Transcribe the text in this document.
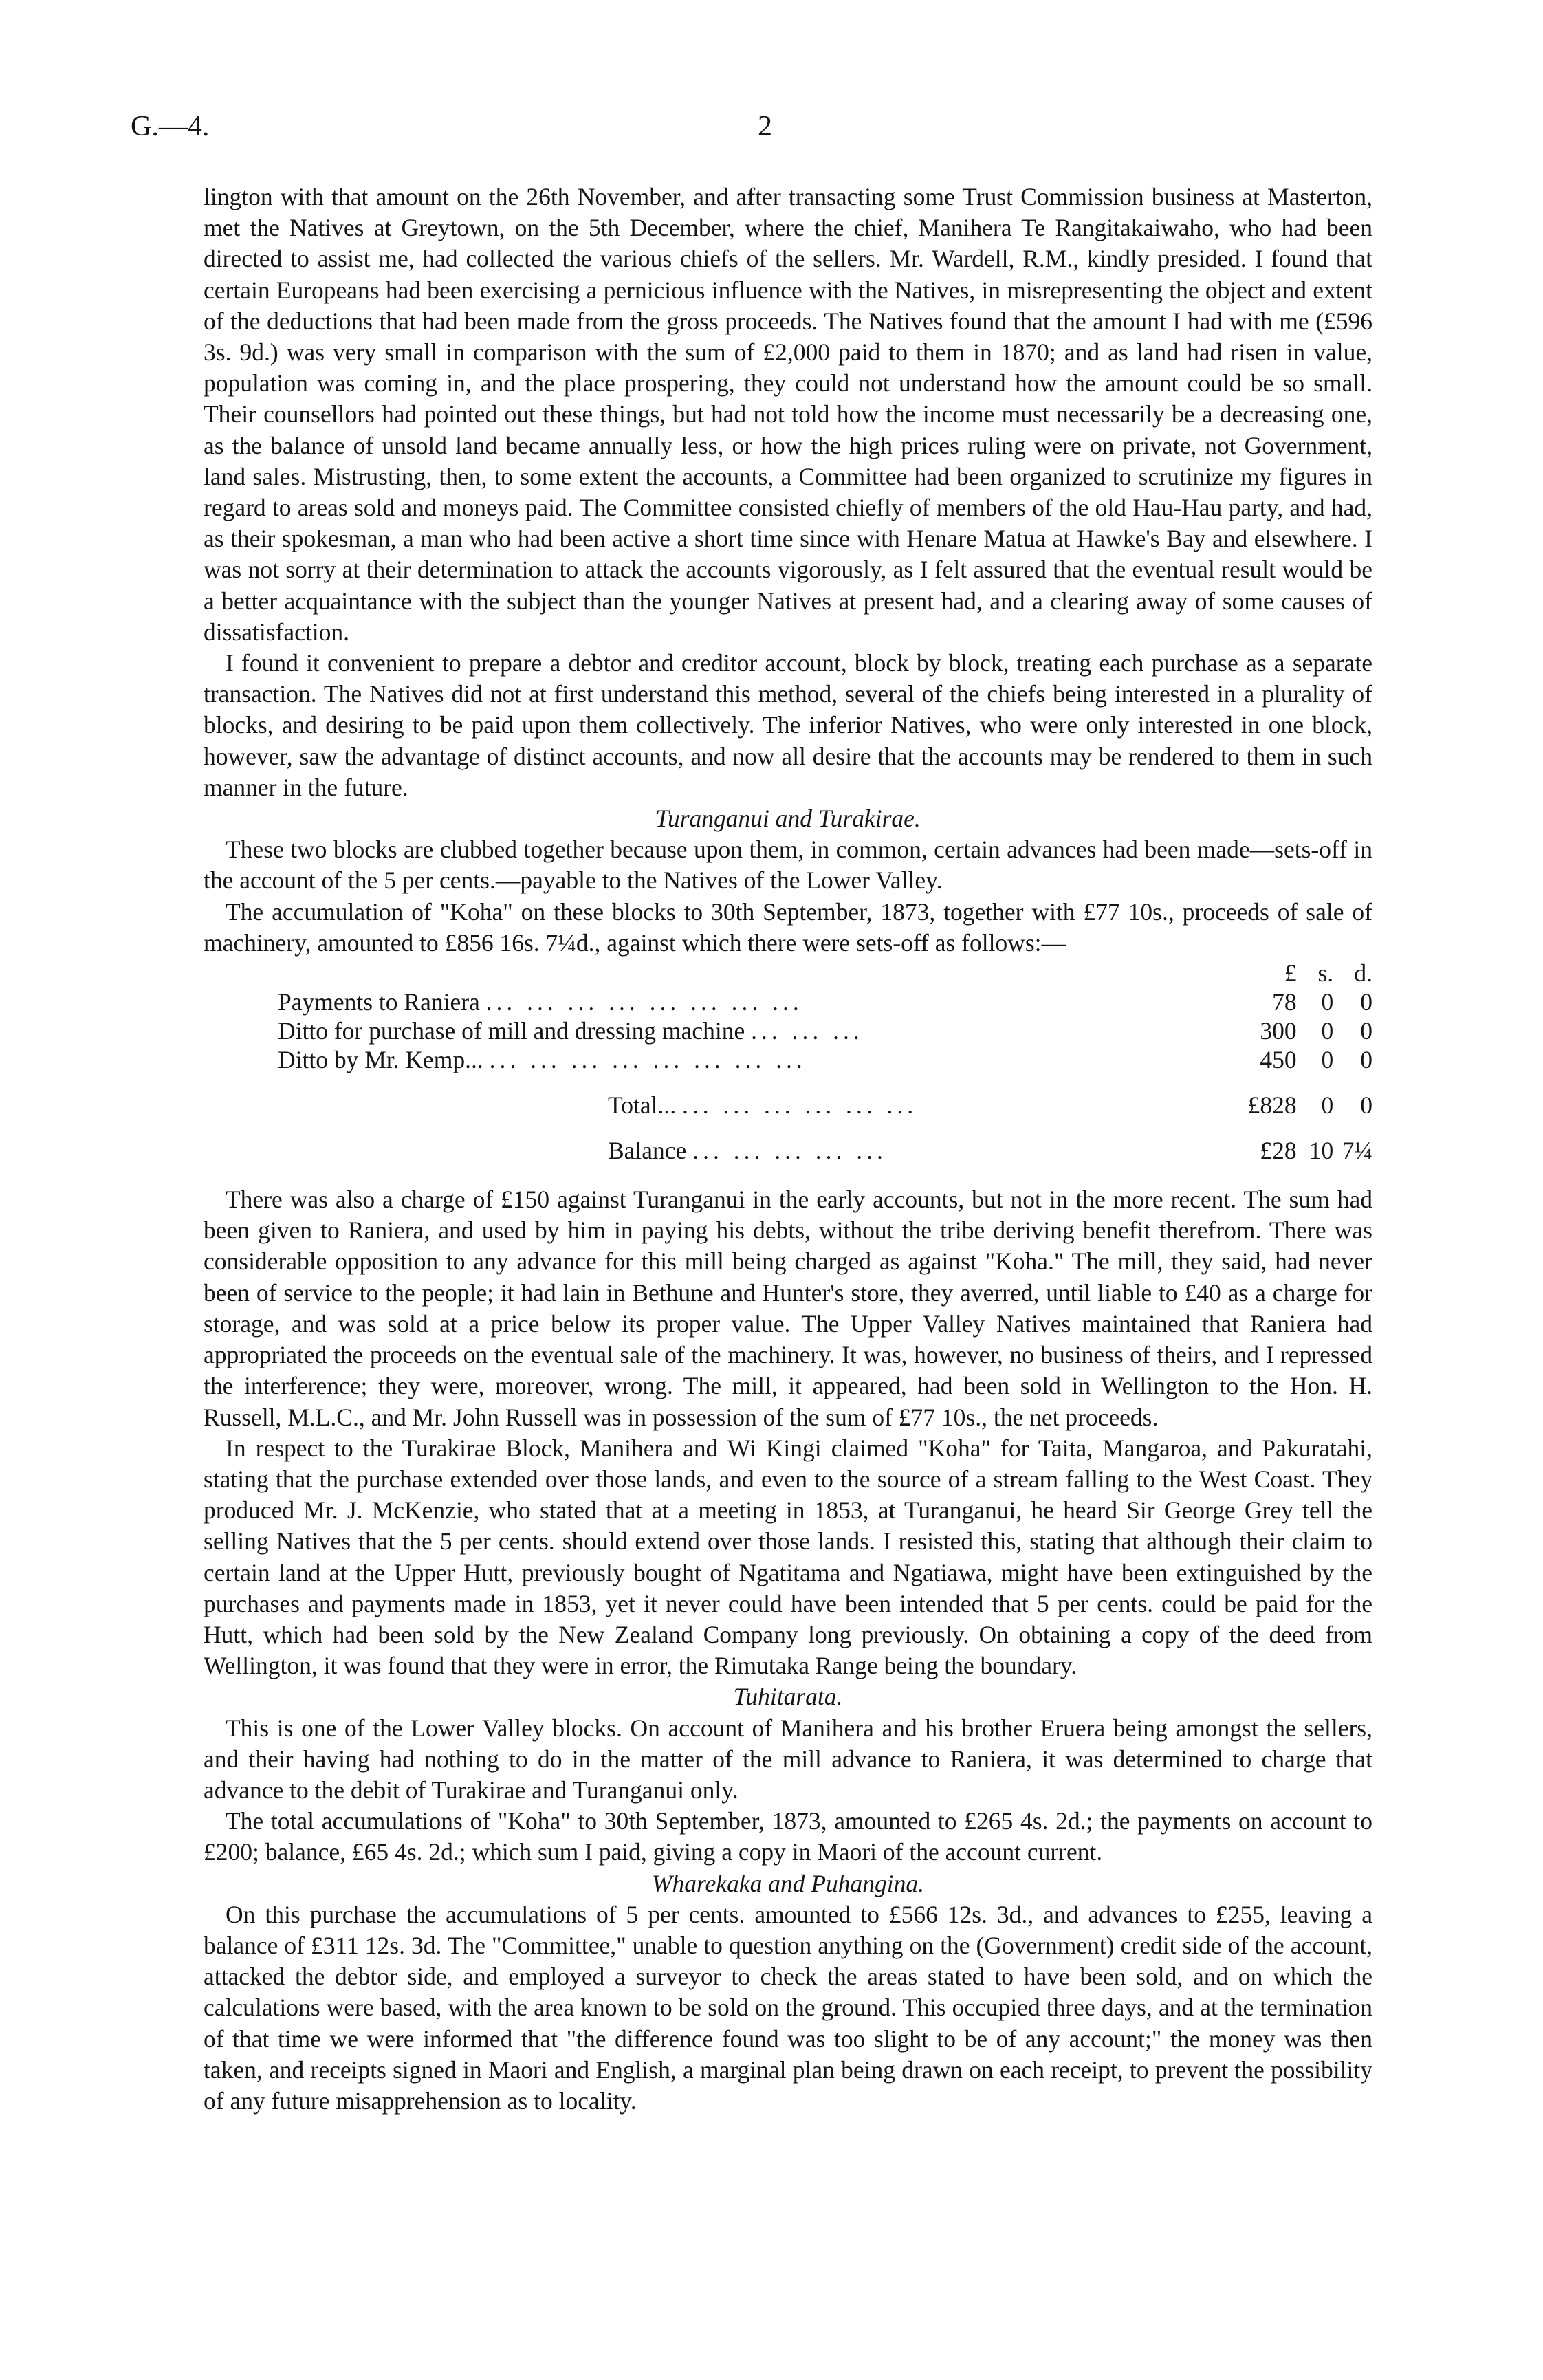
G.—4.	2

lington with that amount on the 26th November, and after transacting some Trust Commission business at Masterton, met the Natives at Greytown, on the 5th December, where the chief, Manihera Te Rangitakaiwaho, who had been directed to assist me, had collected the various chiefs of the sellers. Mr. Wardell, R.M., kindly presided. I found that certain Europeans had been exercising a pernicious influence with the Natives, in misrepresenting the object and extent of the deductions that had been made from the gross proceeds. The Natives found that the amount I had with me (£596 3s. 9d.) was very small in comparison with the sum of £2,000 paid to them in 1870; and as land had risen in value, population was coming in, and the place prospering, they could not understand how the amount could be so small. Their counsellors had pointed out these things, but had not told how the income must necessarily be a decreasing one, as the balance of unsold land became annually less, or how the high prices ruling were on private, not Government, land sales. Mistrusting, then, to some extent the accounts, a Committee had been organized to scrutinize my figures in regard to areas sold and moneys paid. The Committee consisted chiefly of members of the old Hau-Hau party, and had, as their spokesman, a man who had been active a short time since with Henare Matua at Hawke's Bay and elsewhere. I was not sorry at their determination to attack the accounts vigorously, as I felt assured that the eventual result would be a better acquaintance with the subject than the younger Natives at present had, and a clearing away of some causes of dissatisfaction.

I found it convenient to prepare a debtor and creditor account, block by block, treating each purchase as a separate transaction. The Natives did not at first understand this method, several of the chiefs being interested in a plurality of blocks, and desiring to be paid upon them collectively. The inferior Natives, who were only interested in one block, however, saw the advantage of distinct accounts, and now all desire that the accounts may be rendered to them in such manner in the future.

Turanganui and Turakirae.

These two blocks are clubbed together because upon them, in common, certain advances had been made—sets-off in the account of the 5 per cents.—payable to the Natives of the Lower Valley.

The accumulation of "Koha" on these blocks to 30th September, 1873, together with £77 10s., proceeds of sale of machinery, amounted to £856 16s. 7¼d., against which there were sets-off as follows:—

	£	s.	d.
Payments to Raniera ... ... ... ... ... ... ... ...	78	0	0
Ditto for purchase of mill and dressing machine ... ... ...	300	0	0
Ditto by Mr. Kemp... ... ... ... ... ... ... ... ...	450	0	0

Total... ... ... ... ... ... ...	£828	0	0

Balance ... ... ... ... ...	£28	10	7¼

There was also a charge of £150 against Turanganui in the early accounts, but not in the more recent. The sum had been given to Raniera, and used by him in paying his debts, without the tribe deriving benefit therefrom. There was considerable opposition to any advance for this mill being charged as against "Koha." The mill, they said, had never been of service to the people; it had lain in Bethune and Hunter's store, they averred, until liable to £40 as a charge for storage, and was sold at a price below its proper value. The Upper Valley Natives maintained that Raniera had appropriated the proceeds on the eventual sale of the machinery. It was, however, no business of theirs, and I repressed the interference; they were, moreover, wrong. The mill, it appeared, had been sold in Wellington to the Hon. H. Russell, M.L.C., and Mr. John Russell was in possession of the sum of £77 10s., the net proceeds.

In respect to the Turakirae Block, Manihera and Wi Kingi claimed "Koha" for Taita, Mangaroa, and Pakuratahi, stating that the purchase extended over those lands, and even to the source of a stream falling to the West Coast. They produced Mr. J. McKenzie, who stated that at a meeting in 1853, at Turanganui, he heard Sir George Grey tell the selling Natives that the 5 per cents. should extend over those lands. I resisted this, stating that although their claim to certain land at the Upper Hutt, previously bought of Ngatitama and Ngatiawa, might have been extinguished by the purchases and payments made in 1853, yet it never could have been intended that 5 per cents. could be paid for the Hutt, which had been sold by the New Zealand Company long previously. On obtaining a copy of the deed from Wellington, it was found that they were in error, the Rimutaka Range being the boundary.

Tuhitarata.

This is one of the Lower Valley blocks. On account of Manihera and his brother Eruera being amongst the sellers, and their having had nothing to do in the matter of the mill advance to Raniera, it was determined to charge that advance to the debit of Turakirae and Turanganui only.

The total accumulations of "Koha" to 30th September, 1873, amounted to £265 4s. 2d.; the payments on account to £200; balance, £65 4s. 2d.; which sum I paid, giving a copy in Maori of the account current.

Wharekaka and Puhangina.

On this purchase the accumulations of 5 per cents. amounted to £566 12s. 3d., and advances to £255, leaving a balance of £311 12s. 3d. The "Committee," unable to question anything on the (Government) credit side of the account, attacked the debtor side, and employed a surveyor to check the areas stated to have been sold, and on which the calculations were based, with the area known to be sold on the ground. This occupied three days, and at the termination of that time we were informed that "the difference found was too slight to be of any account;" the money was then taken, and receipts signed in Maori and English, a marginal plan being drawn on each receipt, to prevent the possibility of any future misapprehension as to locality.
